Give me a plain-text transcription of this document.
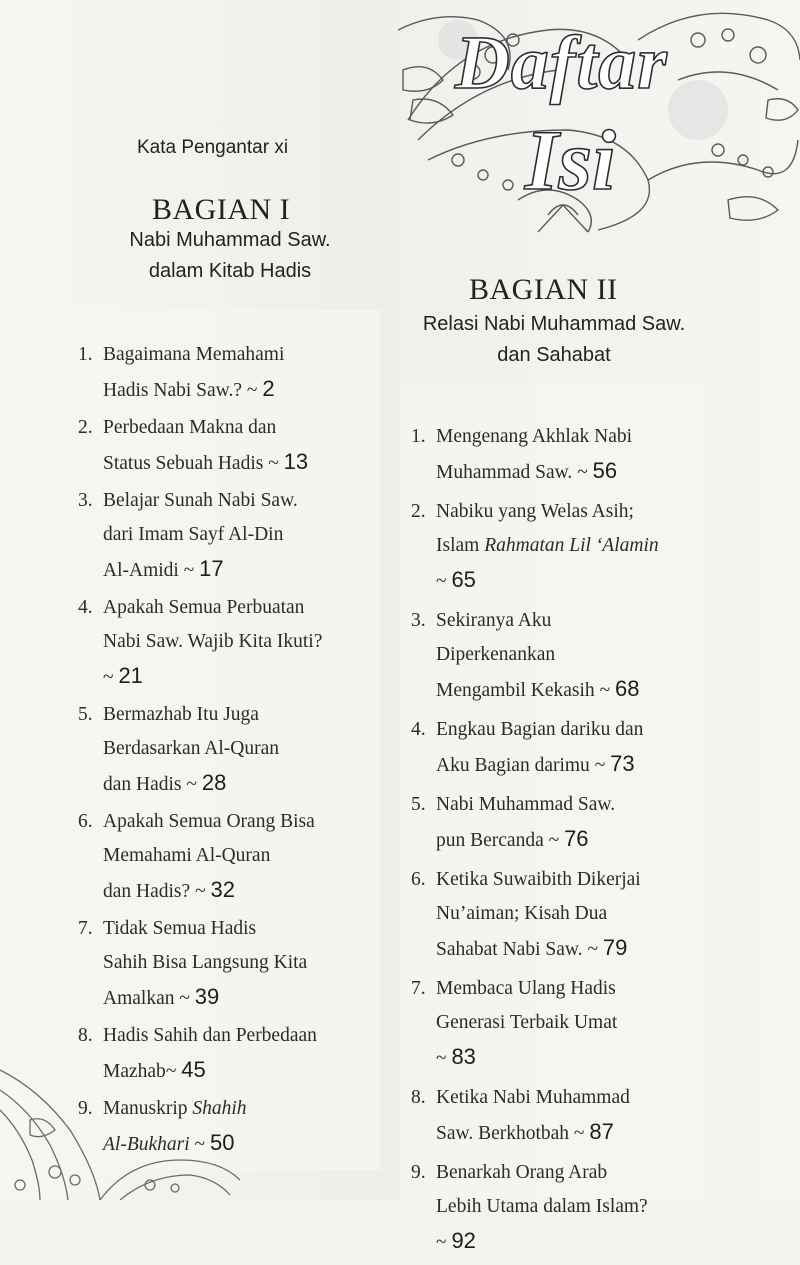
Daftar
Isi
Kata Pengantar xi
BAGIAN I
Nabi Muhammad Saw.
dalam Kitab Hadis
BAGIAN II
Relasi Nabi Muhammad Saw.
dan Sahabat
1. Bagaimana Memahami
Hadis Nabi Saw.? ~ 2
2. Perbedaan Makna dan
Status Sebuah Hadis ~ 13
3. Belajar Sunah Nabi Saw.
dari Imam Sayf Al-Din
Al-Amidi ~ 17
4. Apakah Semua Perbuatan
Nabi Saw. Wajib Kita Ikuti?
~ 21
5. Bermazhab Itu Juga
Berdasarkan Al-Quran
dan Hadis ~ 28
6. Apakah Semua Orang Bisa
Memahami Al-Quran
dan Hadis? ~ 32
7. Tidak Semua Hadis
Sahih Bisa Langsung Kita
Amalkan ~ 39
8. Hadis Sahih dan Perbedaan
Mazhab~ 45
9. Manuskrip Shahih
Al-Bukhari ~ 50
1. Mengenang Akhlak Nabi
Muhammad Saw. ~ 56
2. Nabiku yang Welas Asih;
Islam Rahmatan Lil ‘Alamin
~ 65
3. Sekiranya Aku
Diperkenankan
Mengambil Kekasih ~ 68
4. Engkau Bagian dariku dan
Aku Bagian darimu ~ 73
5. Nabi Muhammad Saw.
pun Bercanda ~ 76
6. Ketika Suwaibith Dikerjai
Nu’aiman; Kisah Dua
Sahabat Nabi Saw. ~ 79
7. Membaca Ulang Hadis
Generasi Terbaik Umat
~ 83
8. Ketika Nabi Muhammad
Saw. Berkhotbah ~ 87
9. Benarkah Orang Arab
Lebih Utama dalam Islam?
~ 92
